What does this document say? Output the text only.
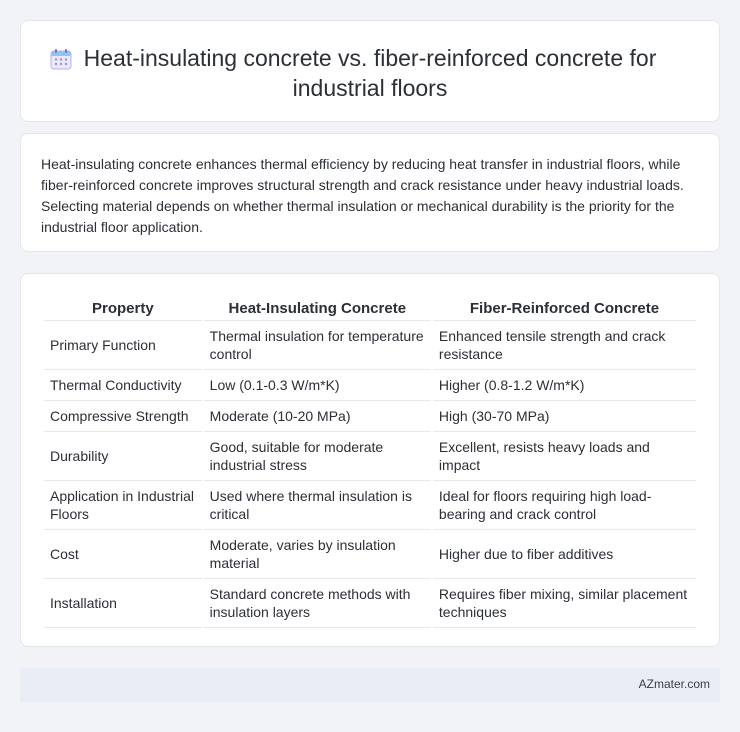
Heat-insulating concrete vs. fiber-reinforced concrete for industrial floors

Heat-insulating concrete enhances thermal efficiency by reducing heat transfer in industrial floors, while fiber-reinforced concrete improves structural strength and crack resistance under heavy industrial loads. Selecting material depends on whether thermal insulation or mechanical durability is the priority for the industrial floor application.

Property	Heat-Insulating Concrete	Fiber-Reinforced Concrete
Primary Function	Thermal insulation for temperature control	Enhanced tensile strength and crack resistance
Thermal Conductivity	Low (0.1-0.3 W/m*K)	Higher (0.8-1.2 W/m*K)
Compressive Strength	Moderate (10-20 MPa)	High (30-70 MPa)
Durability	Good, suitable for moderate industrial stress	Excellent, resists heavy loads and impact
Application in Industrial Floors	Used where thermal insulation is critical	Ideal for floors requiring high load-bearing and crack control
Cost	Moderate, varies by insulation material	Higher due to fiber additives
Installation	Standard concrete methods with insulation layers	Requires fiber mixing, similar placement techniques
AZmater.com
